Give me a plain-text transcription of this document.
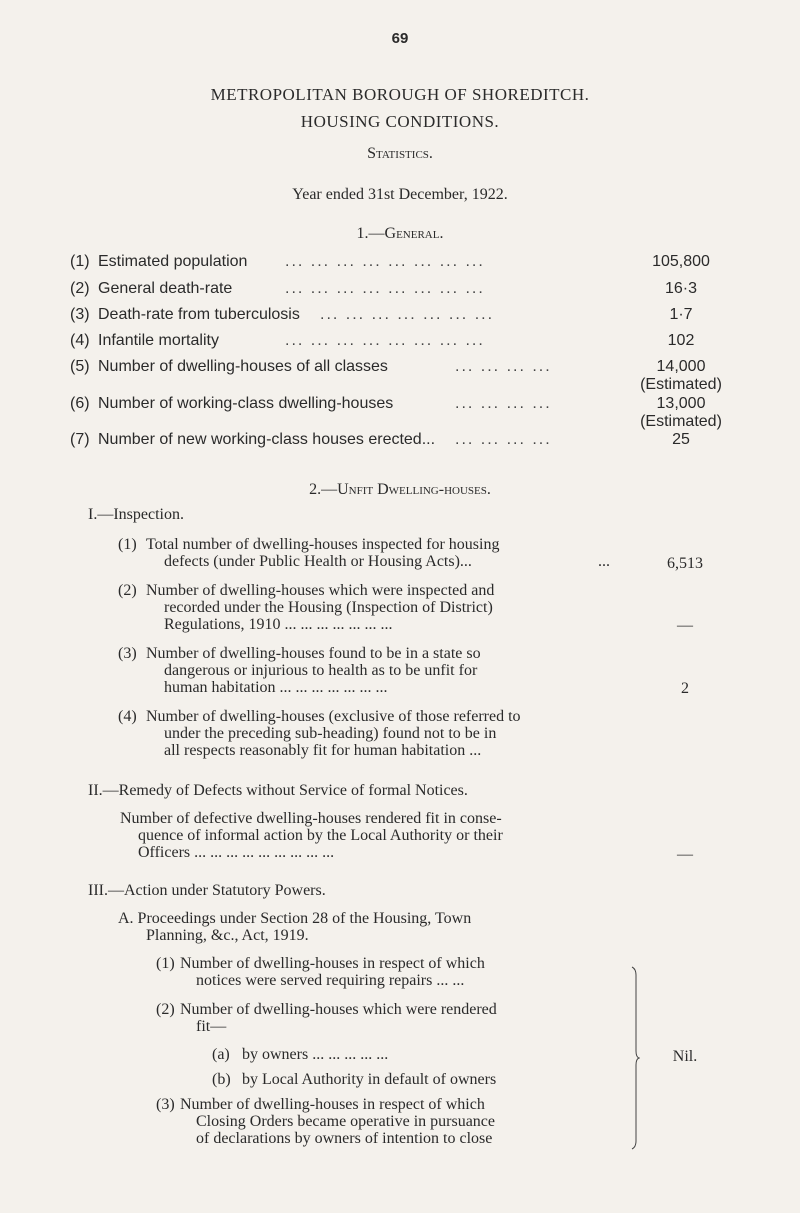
69
METROPOLITAN BOROUGH OF SHOREDITCH.
HOUSING CONDITIONS.
Statistics.
Year ended 31st December, 1922.
1.—General.
(1) Estimated population ... ... ... ... ... ... ... ...	105,800
(2) General death-rate	... ... ... ... ... ... ... ...	16·3
(3) Death-rate from tuberculosis ... ... ... ... ... ... ...	1·7
(4) Infantile mortality	... ... ... ... ... ... ... ...	102
(5) Number of dwelling-houses of all classes	... ... ... ...	14,000
(Estimated)
(6) Number of working-class dwelling-houses	... ... ... ...	13,000
(Estimated)
(7) Number of new working-class houses erected... ... ... ... ...	25
2.—Unfit Dwelling-houses.
I.—Inspection.
(1) Total number of dwelling-houses inspected for housing
defects (under Public Health or Housing Acts)...	...	6,513
(2) Number of dwelling-houses which were inspected and
recorded under the Housing (Inspection of District)
Regulations, 1910 ... ... ... ... ... ... ...	—
(3) Number of dwelling-houses found to be in a state so
dangerous or injurious to health as to be unfit for
human habitation ... ... ... ... ... ... ...	2
(4) Number of dwelling-houses (exclusive of those referred to
under the preceding sub-heading) found not to be in
all respects reasonably fit for human habitation ...
II.—Remedy of Defects without Service of formal Notices.
Number of defective dwelling-houses rendered fit in conse-
quence of informal action by the Local Authority or their
Officers ... ... ... ... ... ... ... ... ...	—
III.—Action under Statutory Powers.
A. Proceedings under Section 28 of the Housing, Town
Planning, &c., Act, 1919.
(1) Number of dwelling-houses in respect of which
notices were served requiring repairs ... ...
(2) Number of dwelling-houses which were rendered
fit—
(a) by owners ... ... ... ... ...
(b) by Local Authority in default of owners
(3) Number of dwelling-houses in respect of which
Closing Orders became operative in pursuance
of declarations by owners of intention to close
Nil.
